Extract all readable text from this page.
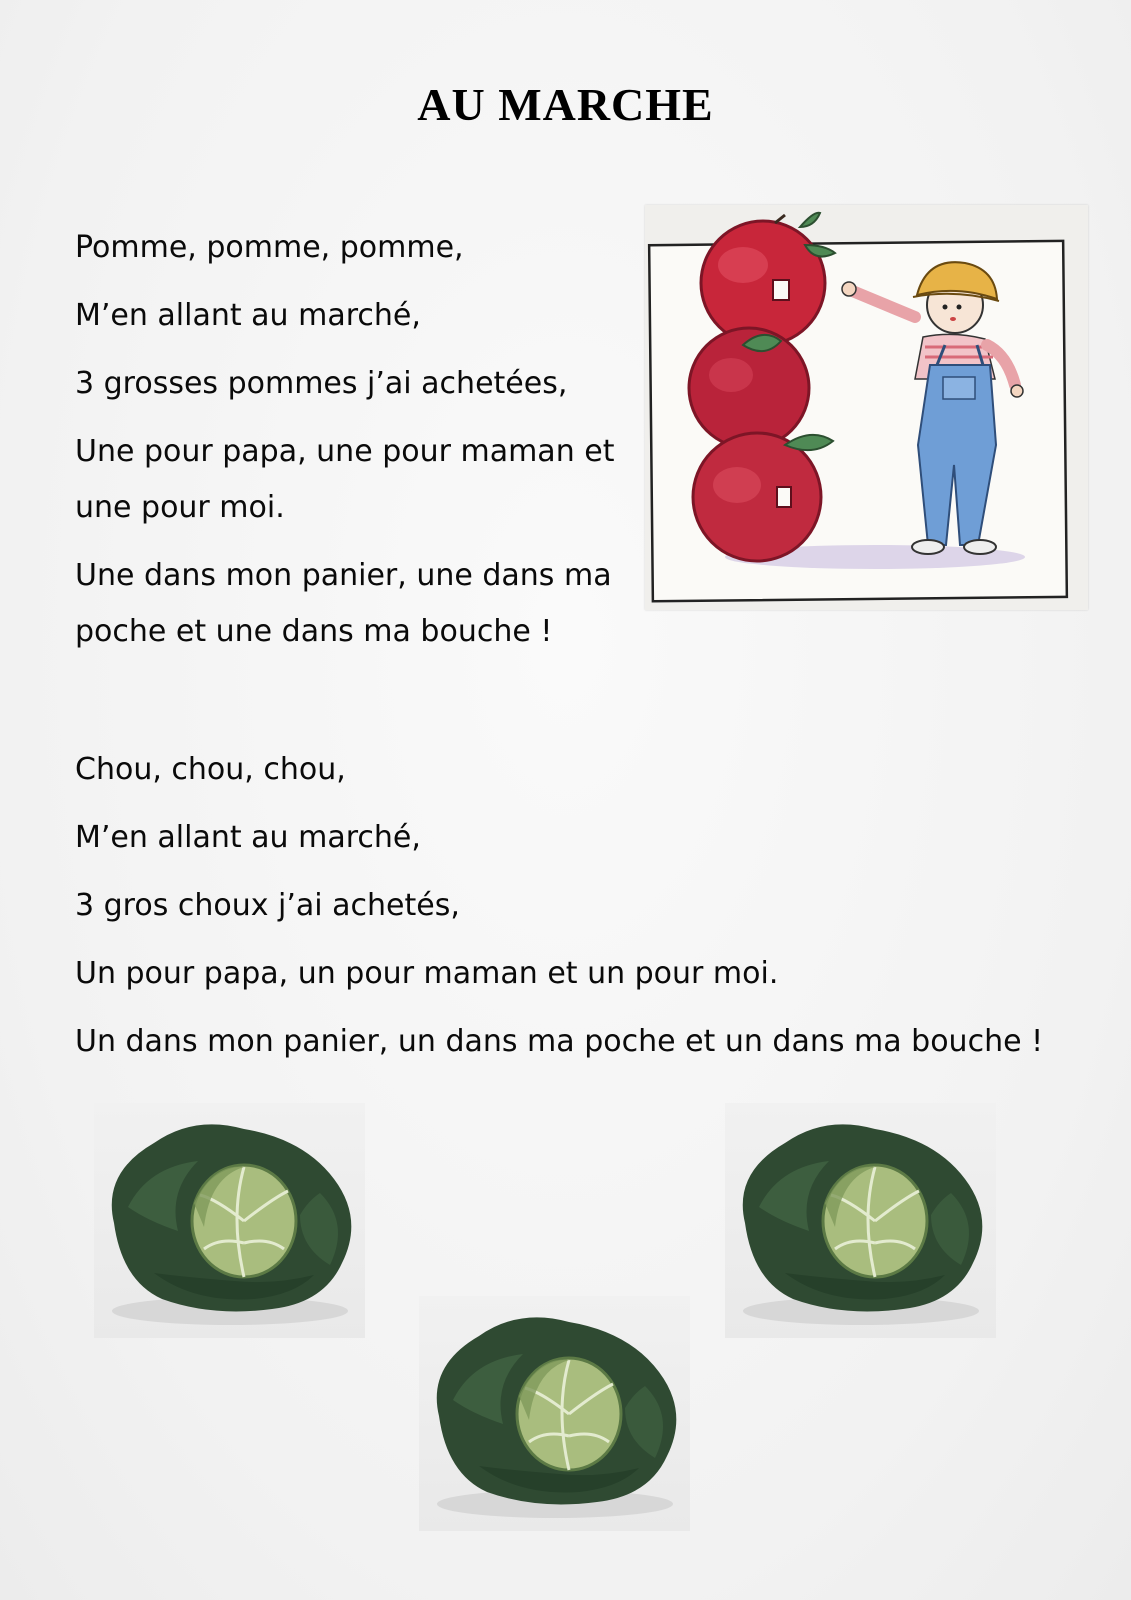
AU MARCHE
Pomme, pomme, pomme,
M’en allant au marché,
3 grosses pommes j’ai achetées,
Une pour papa, une pour maman et
une pour moi.
Une dans mon panier, une dans ma
poche et une dans ma bouche !
Chou, chou, chou,
M’en allant au marché,
3 gros choux j’ai achetés,
Un pour papa, un pour maman et un pour moi.
Un dans mon panier, un dans ma poche et un dans ma bouche !
